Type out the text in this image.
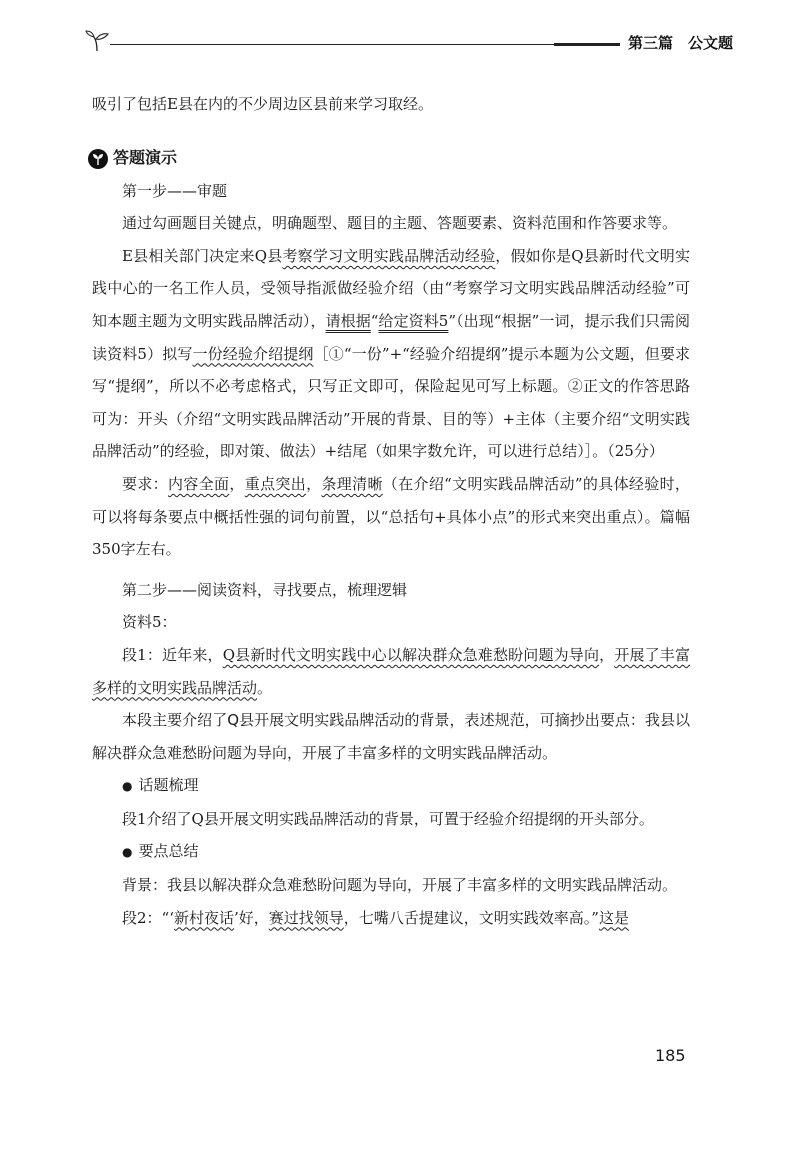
第三篇　公文题

吸引了包括E县在内的不少周边区县前来学习取经。

答题演示

第一步——审题

通过勾画题目关键点，明确题型、题目的主题、答题要素、资料范围和作答要求等。

E县相关部门决定来Q县考察学习文明实践品牌活动经验，假如你是Q县新时代文明实践中心的一名工作人员，受领导指派做经验介绍（由“考察学习文明实践品牌活动经验”可知本题主题为文明实践品牌活动），请根据“给定资料5”（出现“根据”一词，提示我们只需阅读资料5）拟写一份经验介绍提纲［①“一份”+“经验介绍提纲”提示本题为公文题，但要求写“提纲”，所以不必考虑格式，只写正文即可，保险起见可写上标题。②正文的作答思路可为：开头（介绍“文明实践品牌活动”开展的背景、目的等）+主体（主要介绍“文明实践品牌活动”的经验，即对策、做法）+结尾（如果字数允许，可以进行总结）］。（25分）

要求：内容全面，重点突出，条理清晰（在介绍“文明实践品牌活动”的具体经验时，可以将每条要点中概括性强的词句前置，以“总括句+具体小点”的形式来突出重点）。篇幅350字左右。

第二步——阅读资料，寻找要点，梳理逻辑

资料5：

段1：近年来，Q县新时代文明实践中心以解决群众急难愁盼问题为导向，开展了丰富多样的文明实践品牌活动。

本段主要介绍了Q县开展文明实践品牌活动的背景，表述规范，可摘抄出要点：我县以解决群众急难愁盼问题为导向，开展了丰富多样的文明实践品牌活动。

● 话题梳理

段1介绍了Q县开展文明实践品牌活动的背景，可置于经验介绍提纲的开头部分。

● 要点总结

背景：我县以解决群众急难愁盼问题为导向，开展了丰富多样的文明实践品牌活动。

段2：“‘新村夜话’好，赛过找领导，七嘴八舌提建议，文明实践效率高。”这是

185
